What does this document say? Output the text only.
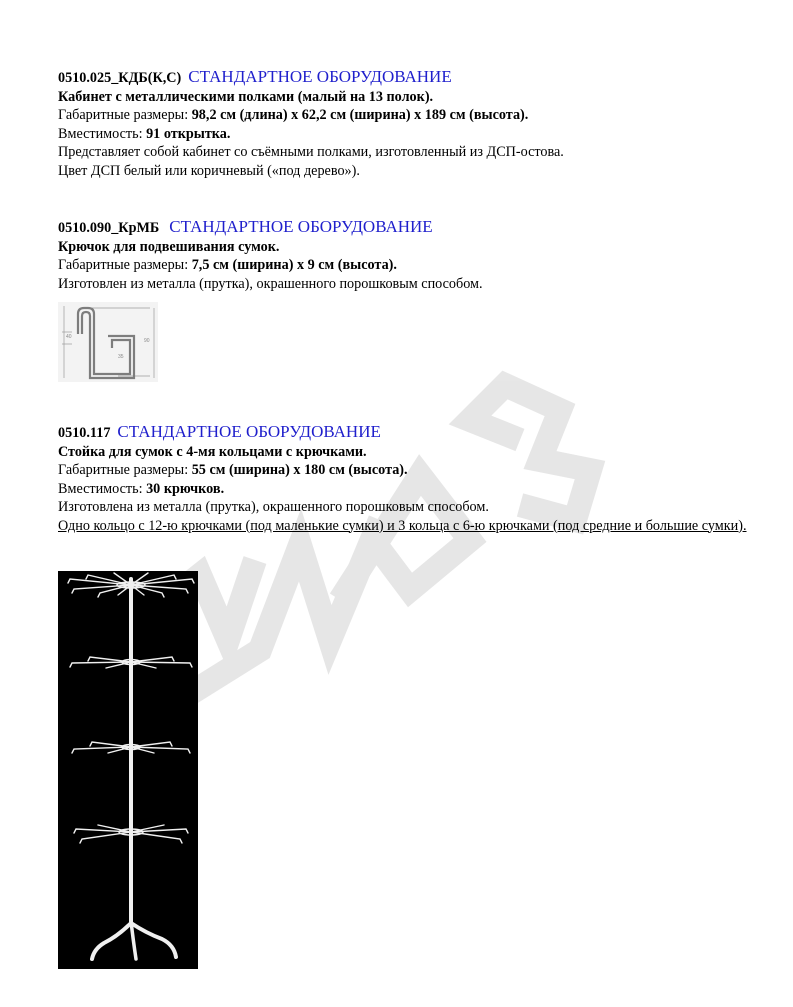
0510.025_КДБ(К,С) СТАНДАРТНОЕ ОБОРУДОВАНИЕ
Кабинет с металлическими полками (малый на 13 полок).
Габаритные размеры: 98,2 см (длина) х 62,2 см (ширина) х 189 см (высота).
Вместимость: 91 открытка.
Представляет собой кабинет со съёмными полками, изготовленный из ДСП-остова.
Цвет ДСП белый или коричневый («под дерево»).
0510.090_КрМБ СТАНДАРТНОЕ ОБОРУДОВАНИЕ
Крючок для подвешивания сумок.
Габаритные размеры: 7,5 см (ширина) х 9 см (высота).
Изготовлен из металла (прутка), окрашенного порошковым способом.
40
35
90
0510.117 СТАНДАРТНОЕ ОБОРУДОВАНИЕ
Стойка для сумок с 4-мя кольцами с крючками.
Габаритные размеры: 55 см (ширина) х 180 см (высота).
Вместимость: 30 крючков.
Изготовлена из металла (прутка), окрашенного порошковым способом.
Одно кольцо с 12-ю крючками (под маленькие сумки) и 3 кольца с 6-ю крючками (под средние и большие сумки).
